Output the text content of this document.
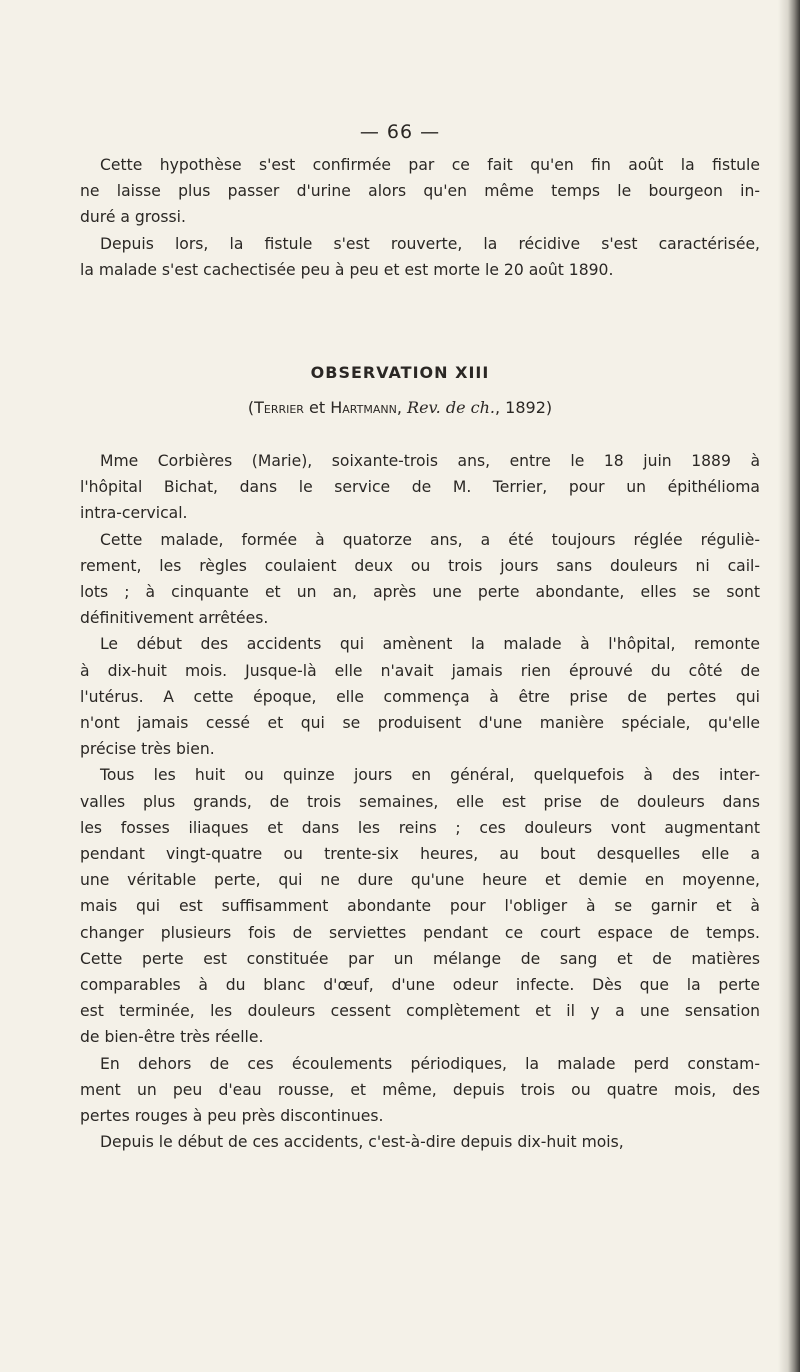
— 66 —

Cette hypothèse s'est confirmée par ce fait qu'en fin août la fistule

ne laisse plus passer d'urine alors qu'en même temps le bourgeon in-

duré a grossi.

Depuis lors, la fistule s'est rouverte, la récidive s'est caractérisée,

la malade s'est cachectisée peu à peu et est morte le 20 août 1890.

OBSERVATION XIII
(Terrier et Hartmann, Rev. de ch., 1892)

Mme Corbières (Marie), soixante-trois ans, entre le 18 juin 1889 à

l'hôpital Bichat, dans le service de M. Terrier, pour un épithélioma

intra-cervical.

Cette malade, formée à quatorze ans, a été toujours réglée réguliè-

rement, les règles coulaient deux ou trois jours sans douleurs ni cail-

lots ; à cinquante et un an, après une perte abondante, elles se sont

définitivement arrêtées.

Le début des accidents qui amènent la malade à l'hôpital, remonte

à dix-huit mois. Jusque-là elle n'avait jamais rien éprouvé du côté de

l'utérus. A cette époque, elle commença à être prise de pertes qui

n'ont jamais cessé et qui se produisent d'une manière spéciale, qu'elle

précise très bien.

Tous les huit ou quinze jours en général, quelquefois à des inter-

valles plus grands, de trois semaines, elle est prise de douleurs dans

les fosses iliaques et dans les reins ; ces douleurs vont augmentant

pendant vingt-quatre ou trente-six heures, au bout desquelles elle a

une véritable perte, qui ne dure qu'une heure et demie en moyenne,

mais qui est suffisamment abondante pour l'obliger à se garnir et à

changer plusieurs fois de serviettes pendant ce court espace de temps.

Cette perte est constituée par un mélange de sang et de matières

comparables à du blanc d'œuf, d'une odeur infecte. Dès que la perte

est terminée, les douleurs cessent complètement et il y a une sensation

de bien-être très réelle.

En dehors de ces écoulements périodiques, la malade perd constam-

ment un peu d'eau rousse, et même, depuis trois ou quatre mois, des

pertes rouges à peu près discontinues.

Depuis le début de ces accidents, c'est-à-dire depuis dix-huit mois,
